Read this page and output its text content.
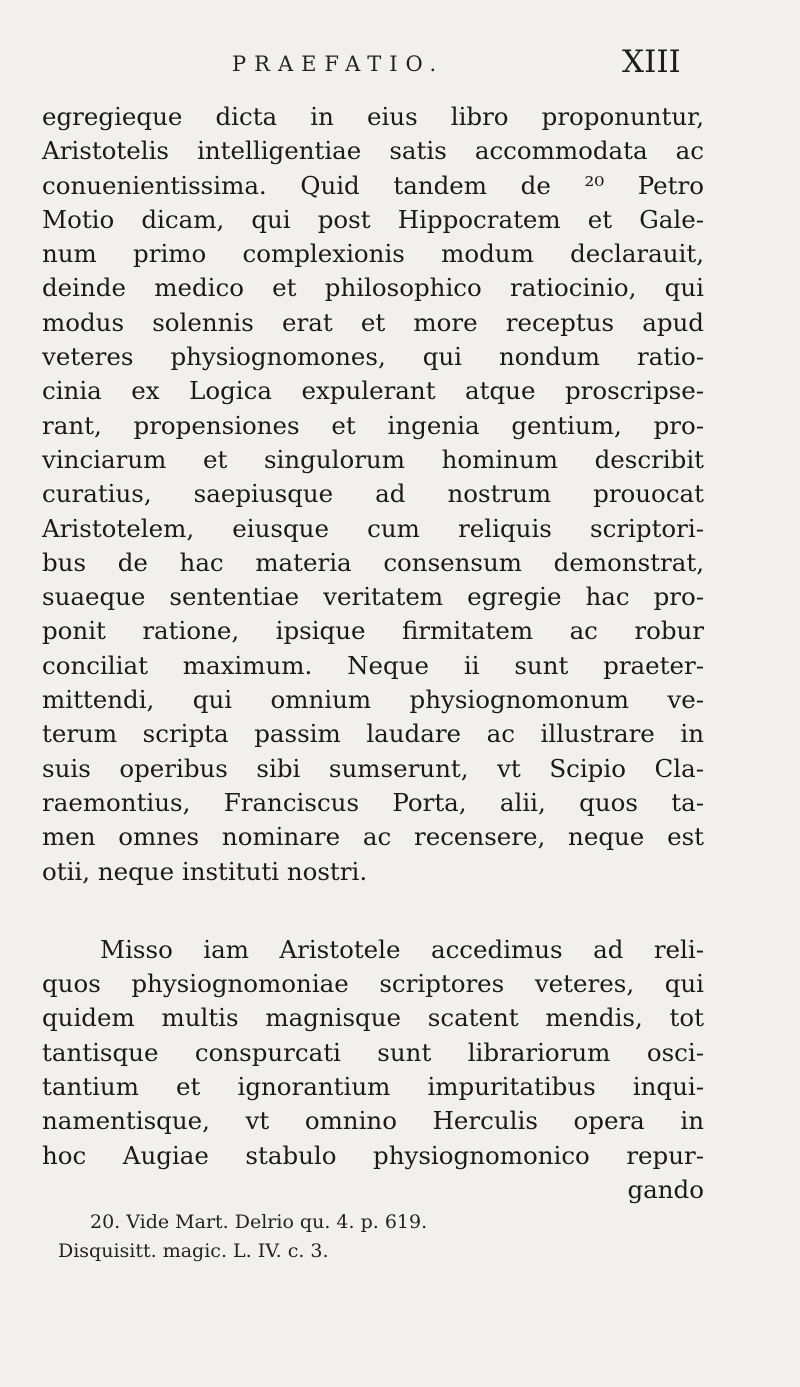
PRAEFATIO.	XIII
egregieque dicta in eius libro proponuntur,
Aristotelis intelligentiae satis accommodata ac
conuenientissima. Quid tandem de ²⁰ Petro
Motio dicam, qui post Hippocratem et Gale-
num primo complexionis modum declarauit,
deinde medico et philosophico ratiocinio, qui
modus solennis erat et more receptus apud
veteres physiognomones, qui nondum ratio-
cinia ex Logica expulerant atque proscripse-
rant, propensiones et ingenia gentium, pro-
vinciarum et singulorum hominum describit
curatius, saepiusque ad nostrum prouocat
Aristotelem, eiusque cum reliquis scriptori-
bus de hac materia consensum demonstrat,
suaeque sententiae veritatem egregie hac pro-
ponit ratione, ipsique firmitatem ac robur
conciliat maximum. Neque ii sunt praeter-
mittendi, qui omnium physiognomonum ve-
terum scripta passim laudare ac illustrare in
suis operibus sibi sumserunt, vt Scipio Cla-
raemontius, Franciscus Porta, alii, quos ta-
men omnes nominare ac recensere, neque est
otii, neque instituti nostri.
Misso iam Aristotele accedimus ad reli-
quos physiognomoniae scriptores veteres, qui
quidem multis magnisque scatent mendis, tot
tantisque conspurcati sunt librariorum osci-
tantium et ignorantium impuritatibus inqui-
namentisque, vt omnino Herculis opera in
hoc Augiae stabulo physiognomonico repur-
gando
20. Vide Mart. Delrio qu. 4. p. 619.
Disquisitt. magic. L. IV. c. 3.
